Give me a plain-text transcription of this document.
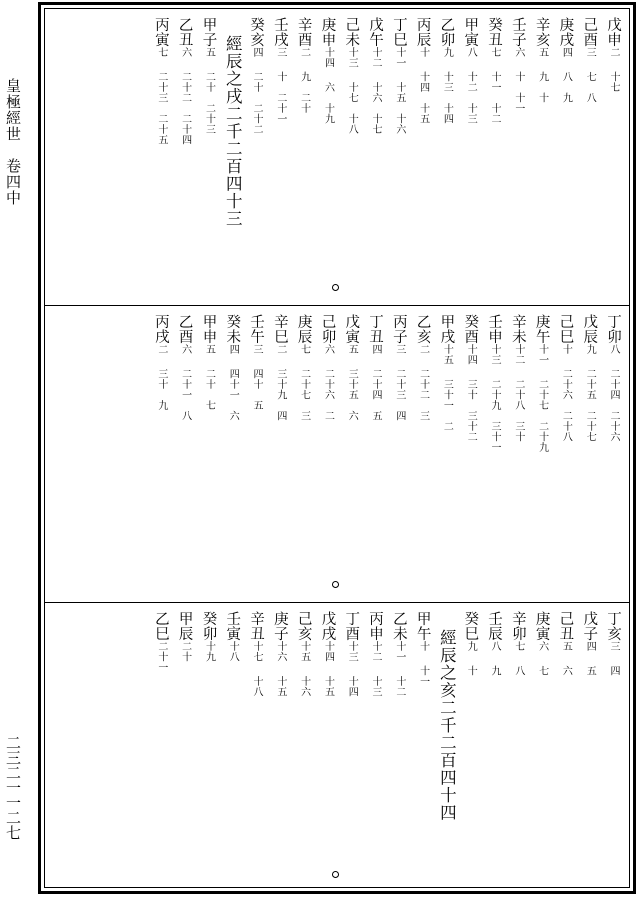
皇極經世　卷四中
二三二一一二七
戊申二十七
己酉三七　八
庚戌四八　九
辛亥五九　十
壬子六十　十一
癸丑七十一　十二
甲寅八十二　十三
乙卯九十三　十四
丙辰十十四　十五
丁巳十一十五　十六
戊午十二十六　十七
己未十三十七　十八
庚申十四六　十九
辛酉二九　二十
壬戌三十　二十一
癸亥四二十　二十二
經辰之戌二千二百四十三
甲子五二十　二十三
乙丑六二十二　二十四
丙寅七二十三　二十五
丁卯八二十四　二十六
戊辰九二十五　二十七
己巳十二十六　二十八
庚午十一二十七　二十九
辛未十二二十八　三十
壬申十三二十九　三十一
癸酉十四三十　三十二
甲戌十五三十一　二
乙亥二二十二　三
丙子三二十三　四
丁丑四二十四　五
戊寅五三十五　六
己卯六二十六　二
庚辰七二十七　三
辛巳二三十九　四
壬午三四十　五
癸未四四十一　六
甲申五二十　七
乙酉六二十一　八
丙戌二三十　九
丁亥三四
戊子四五
己丑五六
庚寅六七
辛卯七八
壬辰八九
癸巳九十
經辰之亥二千二百四十四
甲午十十一
乙未十一十二
丙申十二十三
丁酉十三十四
戊戌十四十五
己亥十五十六
庚子十六十五
辛丑十七十八
壬寅十八
癸卯十九
甲辰二十
乙巳二十一
